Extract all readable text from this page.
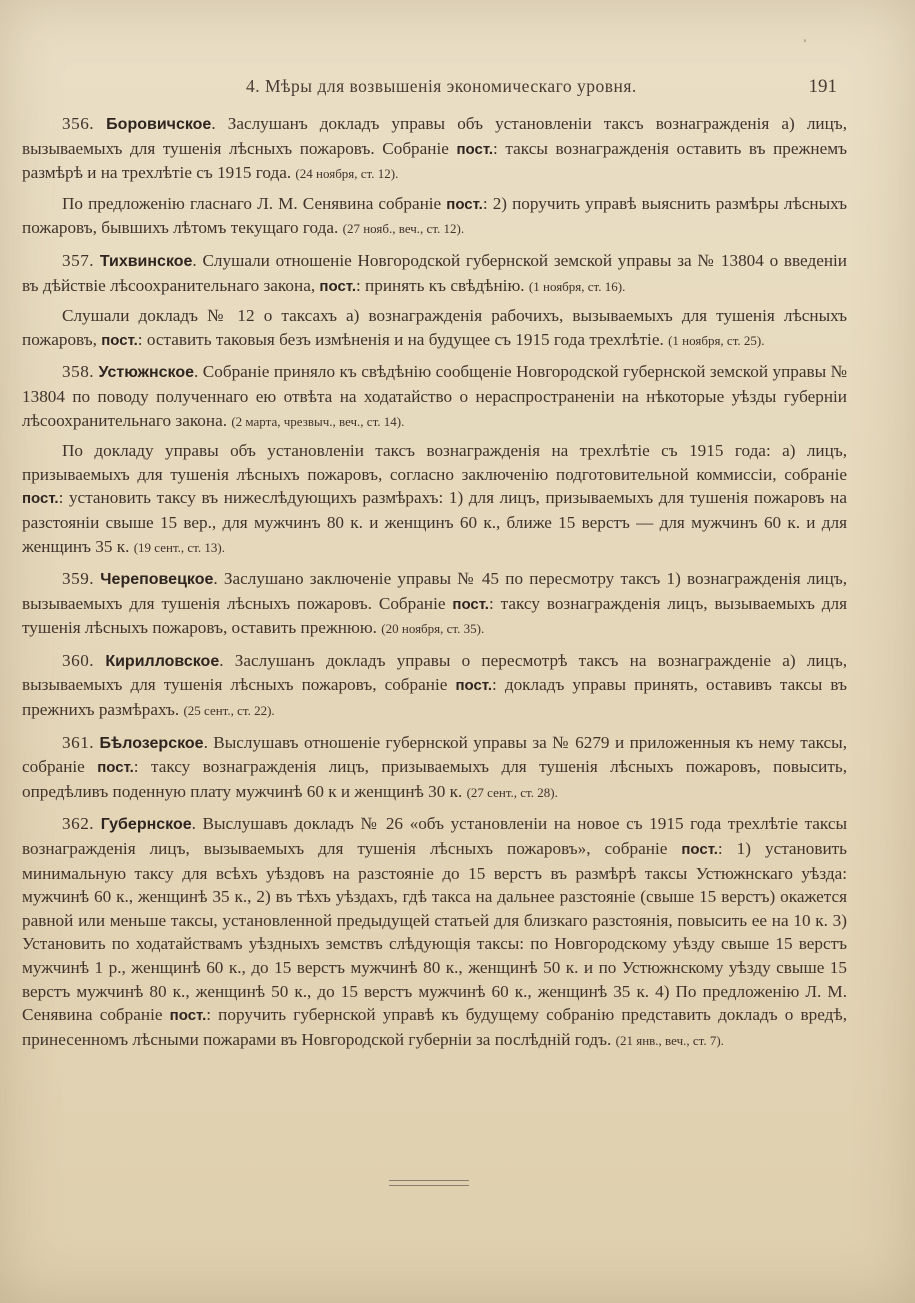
'
4. Мѣры для возвышенія экономическаго уровня.	191

356. Боровичское. Заслушанъ докладъ управы объ установленіи таксъ вознагражденія а) лицъ, вызываемыхъ для тушенія лѣсныхъ пожаровъ. Собраніе пост.: таксы вознагражденія оставить въ прежнемъ размѣрѣ и на трехлѣтіе съ 1915 года. (24 ноября, ст. 12).

По предложенію гласнаго Л. М. Сенявина собраніе пост.: 2) поручить управѣ выяснить размѣры лѣсныхъ пожаровъ, бывшихъ лѣтомъ текущаго года. (27 нояб., веч., ст. 12).

357. Тихвинское. Слушали отношеніе Новгородской губернской земской управы за № 13804 о введеніи въ дѣйствіе лѣсоохранительнаго закона, пост.: принять къ свѣдѣнію. (1 ноября, ст. 16).

Слушали докладъ № 12 о таксахъ а) вознагражденія рабочихъ, вызываемыхъ для тушенія лѣсныхъ пожаровъ, пост.: оставить таковыя безъ измѣненія и на будущее съ 1915 года трехлѣтіе. (1 ноября, ст. 25).

358. Устюжнское. Собраніе приняло къ свѣдѣнію сообщеніе Новгородской губернской земской управы № 13804 по поводу полученнаго ею отвѣта на ходатайство о нераспространеніи на нѣкоторые уѣзды губерніи лѣсоохранительнаго закона. (2 марта, чрезвыч., веч., ст. 14).

По докладу управы объ установленіи таксъ вознагражденія на трехлѣтіе съ 1915 года: а) лицъ, призываемыхъ для тушенія лѣсныхъ пожаровъ, согласно заключенію подготовительной коммиссіи, собраніе пост.: установить таксу въ нижеслѣдующихъ размѣрахъ: 1) для лицъ, призываемыхъ для тушенія пожаровъ на разстояніи свыше 15 вер., для мужчинъ 80 к. и женщинъ 60 к., ближе 15 верстъ — для мужчинъ 60 к. и для женщинъ 35 к. (19 сент., ст. 13).

359. Череповецкое. Заслушано заключеніе управы № 45 по пересмотру таксъ 1) вознагражденія лицъ, вызываемыхъ для тушенія лѣсныхъ пожаровъ. Собраніе пост.: таксу вознагражденія лицъ, вызываемыхъ для тушенія лѣсныхъ пожаровъ, оставить прежнюю. (20 ноября, ст. 35).

360. Кирилловское. Заслушанъ докладъ управы о пересмотрѣ таксъ на вознагражденіе а) лицъ, вызываемыхъ для тушенія лѣсныхъ пожаровъ, собраніе пост.: докладъ управы принять, оставивъ таксы въ прежнихъ размѣрахъ. (25 сент., ст. 22).

361. Бѣлозерское. Выслушавъ отношеніе губернской управы за № 6279 и приложенныя къ нему таксы, собраніе пост.: таксу вознагражденія лицъ, призываемыхъ для тушенія лѣсныхъ пожаровъ, повысить, опредѣливъ поденную плату мужчинѣ 60 к и женщинѣ 30 к. (27 сент., ст. 28).

362. Губернское. Выслушавъ докладъ № 26 «объ установленіи на новое съ 1915 года трехлѣтіе таксы вознагражденія лицъ, вызываемыхъ для тушенія лѣсныхъ пожаровъ», собраніе пост.: 1) установить минимальную таксу для всѣхъ уѣздовъ на разстояніе до 15 верстъ въ размѣрѣ таксы Устюжнскаго уѣзда: мужчинѣ 60 к., женщинѣ 35 к., 2) въ тѣхъ уѣздахъ, гдѣ такса на дальнее разстояніе (свыше 15 верстъ) окажется равной или меньше таксы, установленной предыдущей статьей для близкаго разстоянія, повысить ее на 10 к. 3) Установить по ходатайствамъ уѣздныхъ земствъ слѣдующія таксы: по Новгородскому уѣзду свыше 15 верстъ мужчинѣ 1 р., женщинѣ 60 к., до 15 верстъ мужчинѣ 80 к., женщинѣ 50 к. и по Устюжнскому уѣзду свыше 15 верстъ мужчинѣ 80 к., женщинѣ 50 к., до 15 верстъ мужчинѣ 60 к., женщинѣ 35 к. 4) По предложенію Л. М. Сенявина собраніе пост.: поручить губернской управѣ къ будущему собранію представить докладъ о вредѣ, принесенномъ лѣсными пожарами въ Новгородской губерніи за послѣдній годъ. (21 янв., веч., ст. 7).
